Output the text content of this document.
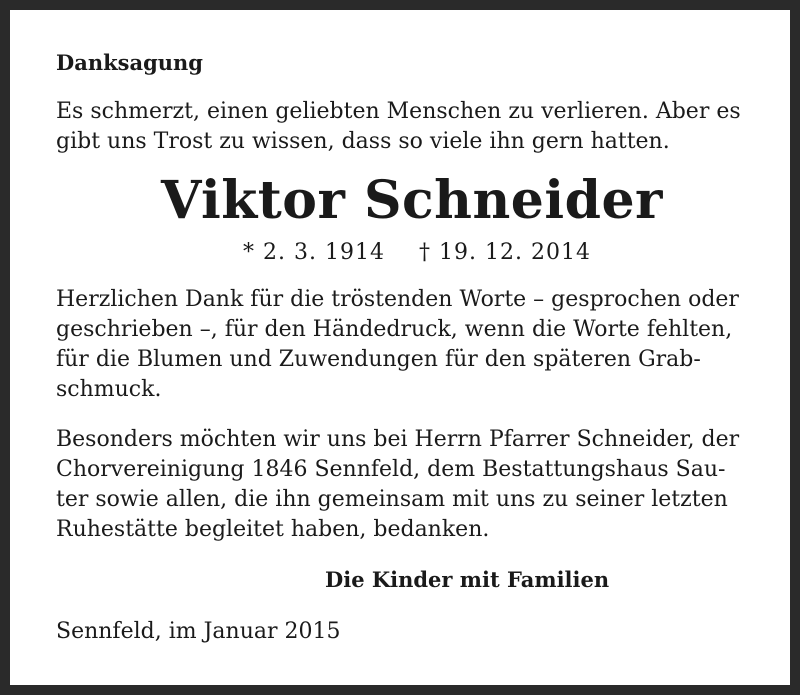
Danksagung

Es schmerzt, einen geliebten Menschen zu verlieren. Aber es
gibt uns Trost zu wissen, dass so viele ihn gern hatten.

Viktor Schneider

* 2. 3. 1914 † 19. 12. 2014

Herzlichen Dank für die tröstenden Worte – gesprochen oder
geschrieben –, für den Händedruck, wenn die Worte fehlten,
für die Blumen und Zuwendungen für den späteren Grab-
schmuck.
Besonders möchten wir uns bei Herrn Pfarrer Schneider, der
Chorvereinigung 1846 Sennfeld, dem Bestattungshaus Sau-
ter sowie allen, die ihn gemeinsam mit uns zu seiner letzten
Ruhestätte begleitet haben, bedanken.

Die Kinder mit Familien

Sennfeld, im Januar 2015
